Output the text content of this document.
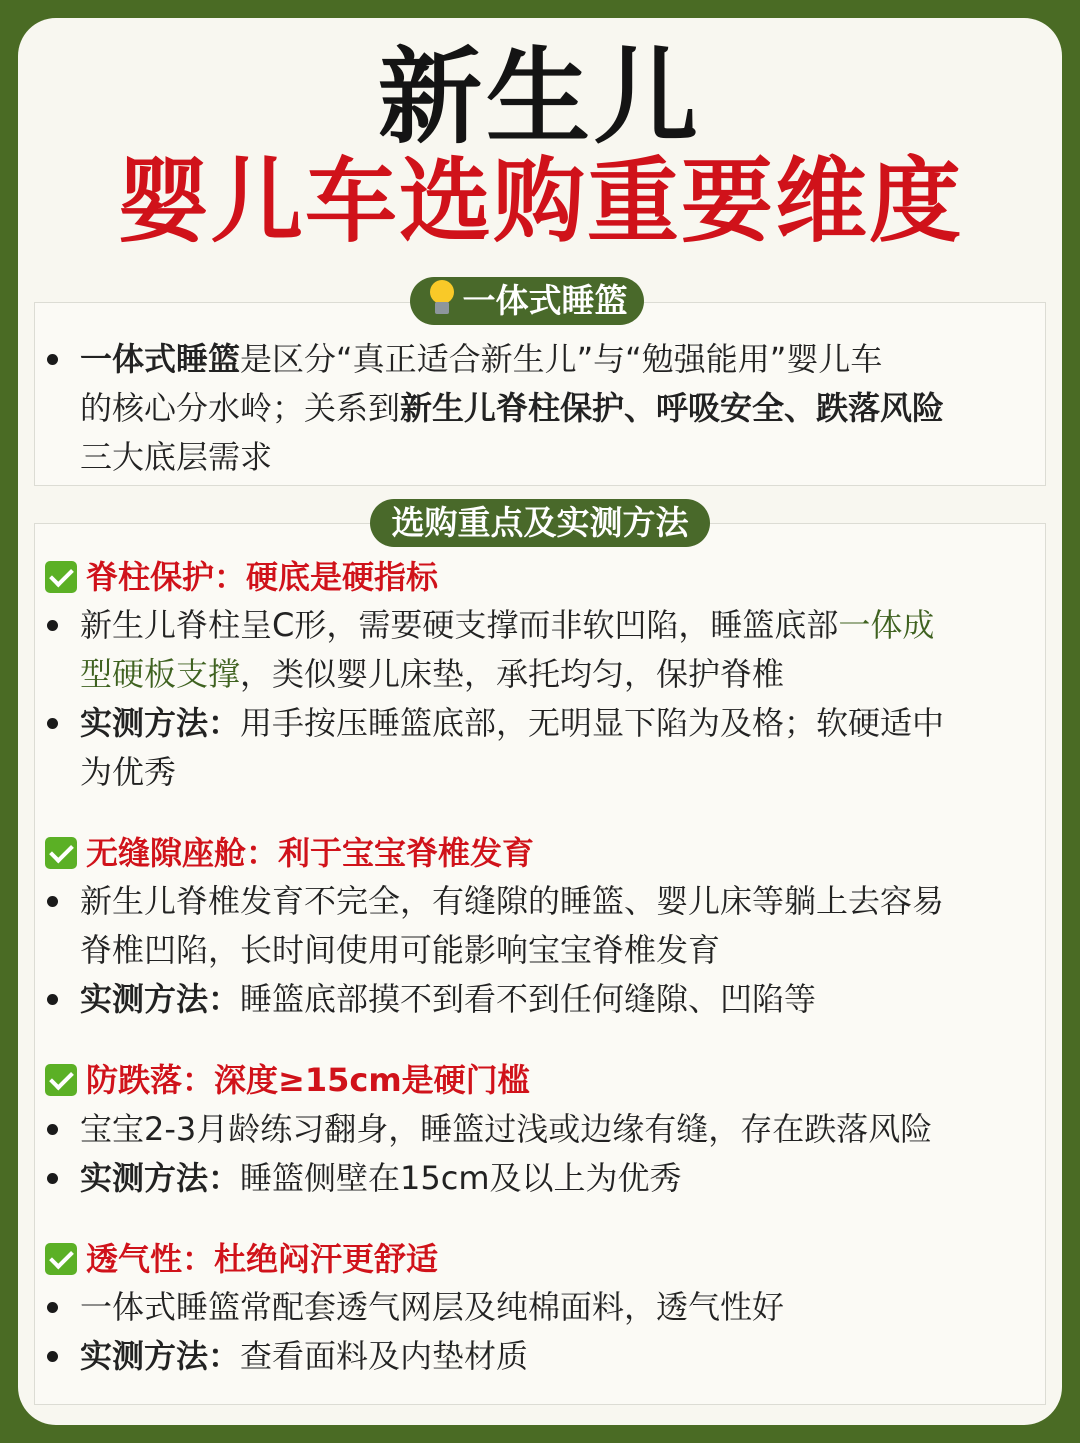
新生儿
婴儿车选购重要维度
一体式睡篮
一体式睡篮是区分“真正适合新生儿”与“勉强能用”婴儿车
的核心分水岭；关系到新生儿脊柱保护、呼吸安全、跌落风险
三大底层需求
选购重点及实测方法
脊柱保护：硬底是硬指标
新生儿脊柱呈C形，需要硬支撑而非软凹陷，睡篮底部一体成
型硬板支撑，类似婴儿床垫，承托均匀，保护脊椎
实测方法：用手按压睡篮底部，无明显下陷为及格；软硬适中
为优秀
无缝隙座舱：利于宝宝脊椎发育
新生儿脊椎发育不完全，有缝隙的睡篮、婴儿床等躺上去容易
脊椎凹陷，长时间使用可能影响宝宝脊椎发育
实测方法：睡篮底部摸不到看不到任何缝隙、凹陷等
防跌落：深度≥15cm是硬门槛
宝宝2-3月龄练习翻身，睡篮过浅或边缘有缝，存在跌落风险
实测方法：睡篮侧壁在15cm及以上为优秀
透气性：杜绝闷汗更舒适
一体式睡篮常配套透气网层及纯棉面料，透气性好
实测方法：查看面料及内垫材质
